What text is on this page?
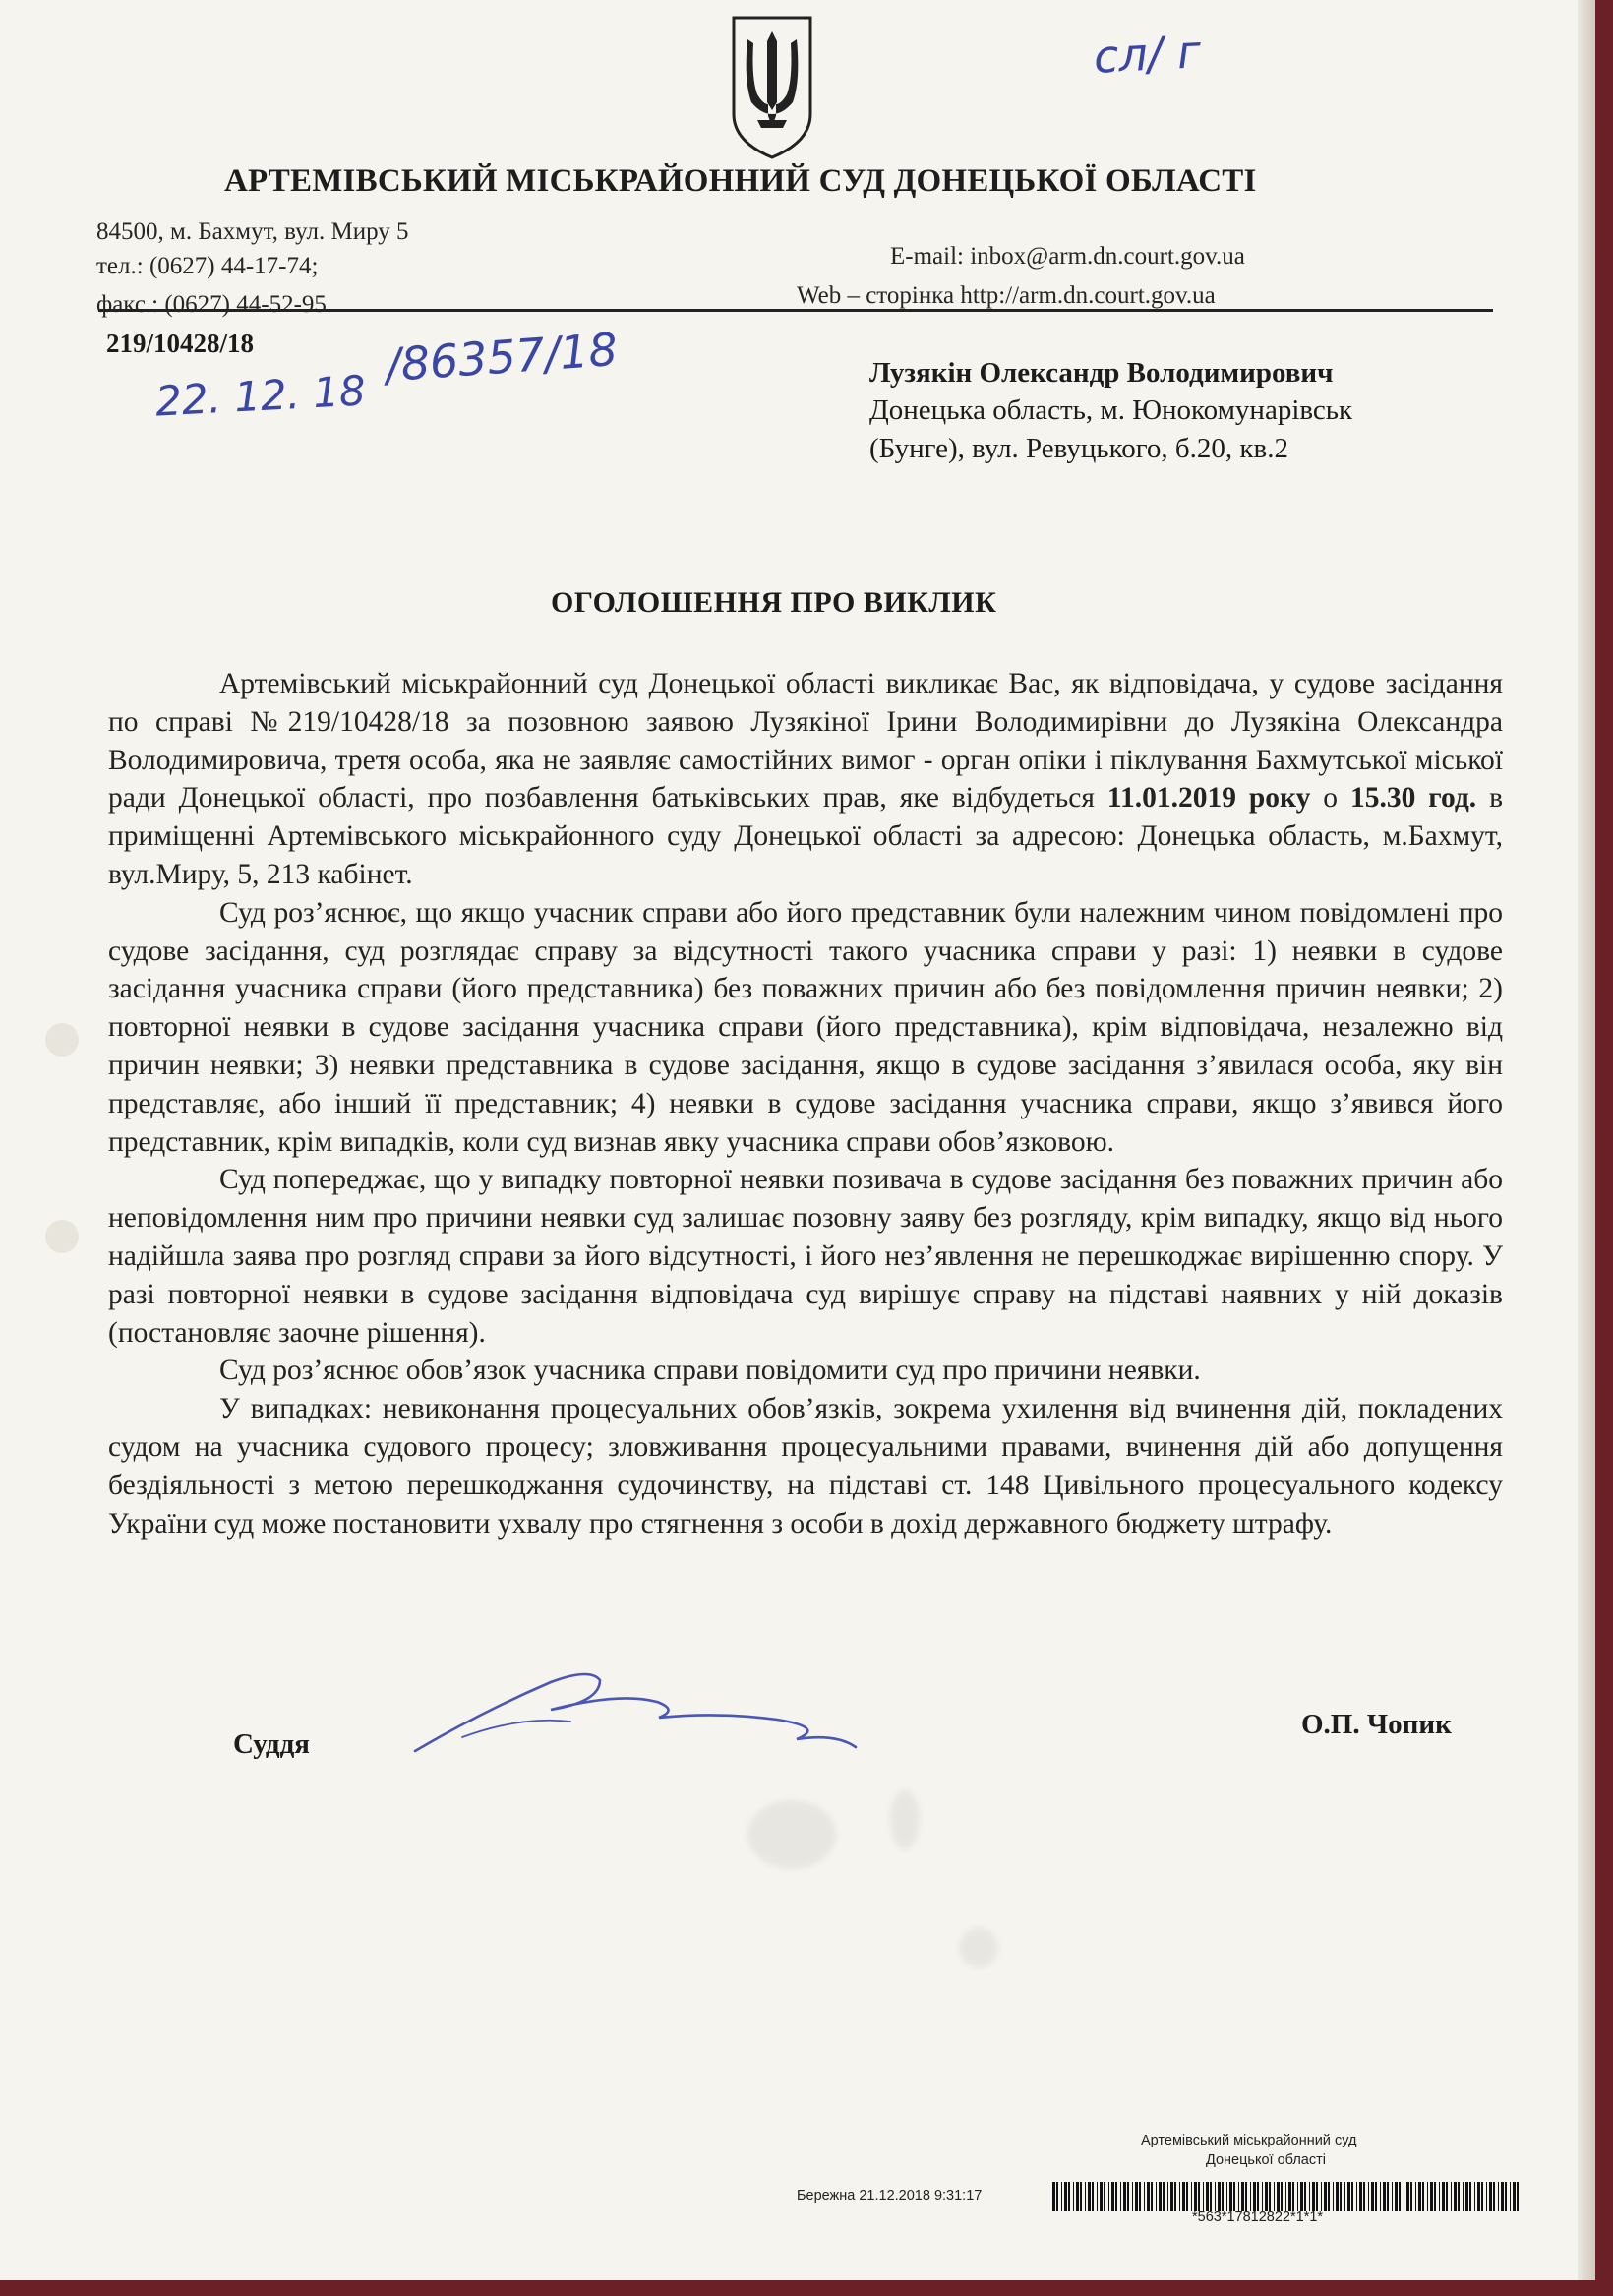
АРТЕМІВСЬКИЙ МІСЬКРАЙОННИЙ СУД ДОНЕЦЬКОЇ ОБЛАСТІ
84500, м. Бахмут, вул. Миру 5
тел.: (0627) 44-17-74;
факс.: (0627) 44-52-95.
E-mail: inbox@arm.dn.court.gov.ua
Web – сторінка http://arm.dn.court.gov.ua
219/10428/18
сл/ г
22. 12. 18
/86357/18	Лузякін Олександр Володимирович
Донецька область, м. Юнокомунарівськ
(Бунге), вул. Ревуцького, б.20, кв.2
ОГОЛОШЕННЯ ПРО ВИКЛИК

Артемівський міськрайонний суд Донецької області викликає Вас, як відповідача, у судове засідання по справі №219/10428/18 за позовною заявою Лузякіної Ірини Володимирівни до Лузякіна Олександра Володимировича, третя особа, яка не заявляє самостійних вимог - орган опіки і піклування Бахмутської міської ради Донецької області, про позбавлення батьківських прав, яке відбудеться 11.01.2019 року о 15.30 год. в приміщенні Артемівського міськрайонного суду Донецької області за адресою: Донецька область, м.Бахмут, вул.Миру, 5, 213 кабінет.

Суд роз’яснює, що якщо учасник справи або його представник були належним чином повідомлені про судове засідання, суд розглядає справу за відсутності такого учасника справи у разі: 1) неявки в судове засідання учасника справи (його представника) без поважних причин або без повідомлення причин неявки; 2) повторної неявки в судове засідання учасника справи (його представника), крім відповідача, незалежно від причин неявки; 3) неявки представника в судове засідання, якщо в судове засідання з’явилася особа, яку він представляє, або інший її представник; 4) неявки в судове засідання учасника справи, якщо з’явився його представник, крім випадків, коли суд визнав явку учасника справи обов’язковою.

Суд попереджає, що у випадку повторної неявки позивача в судове засідання без поважних причин або неповідомлення ним про причини неявки суд залишає позовну заяву без розгляду, крім випадку, якщо від нього надійшла заява про розгляд справи за його відсутності, і його нез’явлення не перешкоджає вирішенню спору. У разі повторної неявки в судове засідання відповідача суд вирішує справу на підставі наявних у ній доказів (постановляє заочне рішення).

Суд роз’яснює обов’язок учасника справи повідомити суд про причини неявки.

У випадках: невиконання процесуальних обов’язків, зокрема ухилення від вчинення дій, покладених судом на учасника судового процесу; зловживання процесуальними правами, вчинення дій або допущення бездіяльності з метою перешкоджання судочинству, на підставі ст. 148 Цивільного процесуального кодексу України суд може постановити ухвалу про стягнення з особи в дохід державного бюджету штрафу.

Суддя
О.П. Чопик
Артемівський міськрайонний суд
Донецької області
Бережна 21.12.2018 9:31:17
*563*17812822*1*1*
